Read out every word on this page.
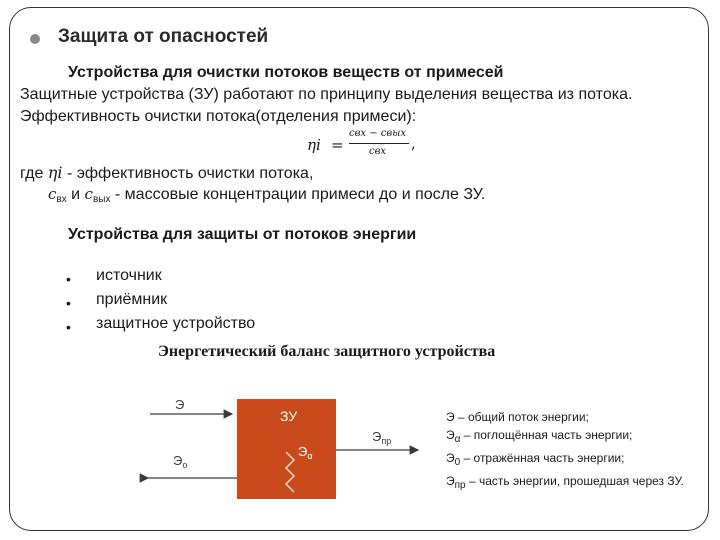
Защита от опасностей
Устройства для очистки потоков веществ от примесей
Защитные устройства (ЗУ) работают по принципу выделения вещества из потока.
Эффективность очистки потока(отделения примеси):
ηi =
cвх − cвых
cвх ,
где ηi - эффективность очистки потока,
$c_{вх}$ и $c_{вых}$ - массовые концентрации примеси до и после ЗУ.
Устройства для защиты от потоков энергии
• источник
• приёмник
• защитное устройство
Энергетический баланс защитного устройства
ЗУ
$Э_\alpha$
Э
$Э_о$
$Э_{пр}$
Э – общий поток энергии;
$Э_\alpha$ – поглощённая часть энергии;
$Э_0$ – отражённая часть энергии;
$Э_{пр}$ – часть энергии, прошедшая через ЗУ.
